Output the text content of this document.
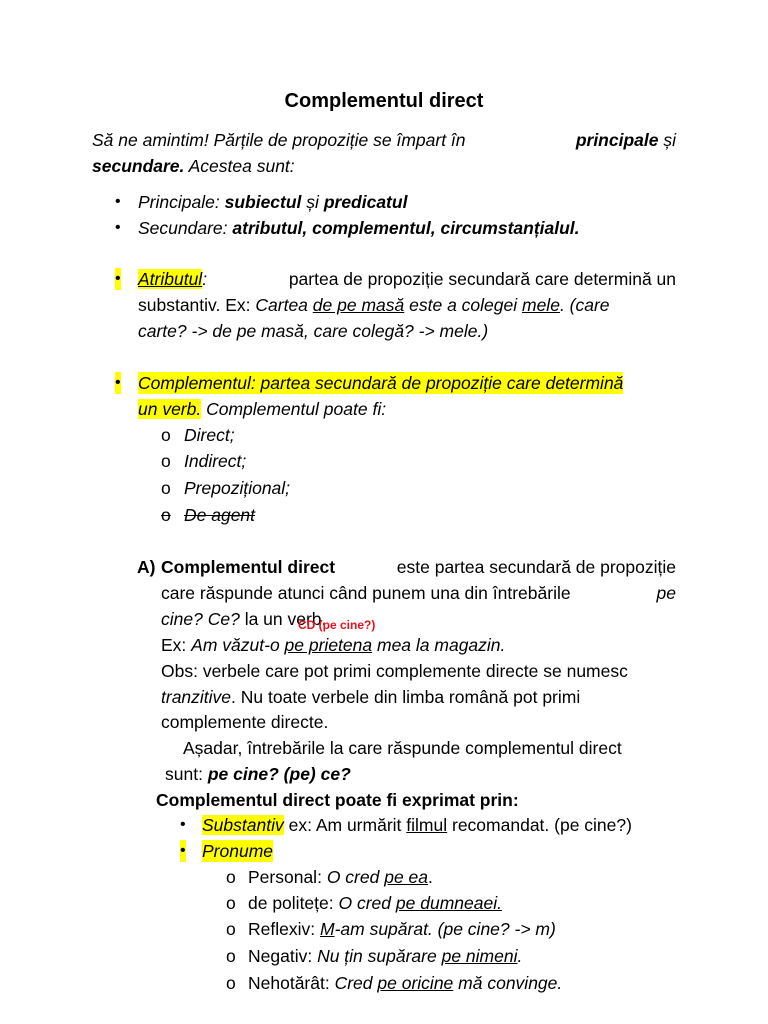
Complementul direct
Să ne amintim! Părțile de propoziție se împart în	principale și
secundare. Acestea sunt:
• Principale: subiectul și predicatul
• Secundare: atributul, complementul, circumstanțialul.
• Atributul:	partea de propoziție secundară care determină un
substantiv. Ex: Cartea de pe masă este a colegei mele. (care
carte? -> de pe masă, care colegă? -> mele.)
• Complementul: partea secundară de propoziție care determină
un verb. Complementul poate fi:
o Direct;
o Indirect;
o Prepozițional;
o De agent
A) Complementul direct	este partea secundară de propoziție
care răspunde atunci când punem una din întrebările	pe
cine? Ce? la un verb.
CD (pe cine?)
Ex: Am văzut-o pe prietena mea la magazin.
Obs: verbele care pot primi complemente directe se numesc
tranzitive. Nu toate verbele din limba română pot primi
complemente directe.
Așadar, întrebările la care răspunde complementul direct
sunt: pe cine? (pe) ce?
Complementul direct poate fi exprimat prin:
• Substantiv ex: Am urmărit filmul recomandat. (pe cine?)
• Pronume
o Personal: O cred pe ea.
o de politețe: O cred pe dumneaei.
o Reflexiv: M-am supărat. (pe cine? -> m)
o Negativ: Nu țin supărare pe nimeni.
o Nehotărât: Cred pe oricine mă convinge.
